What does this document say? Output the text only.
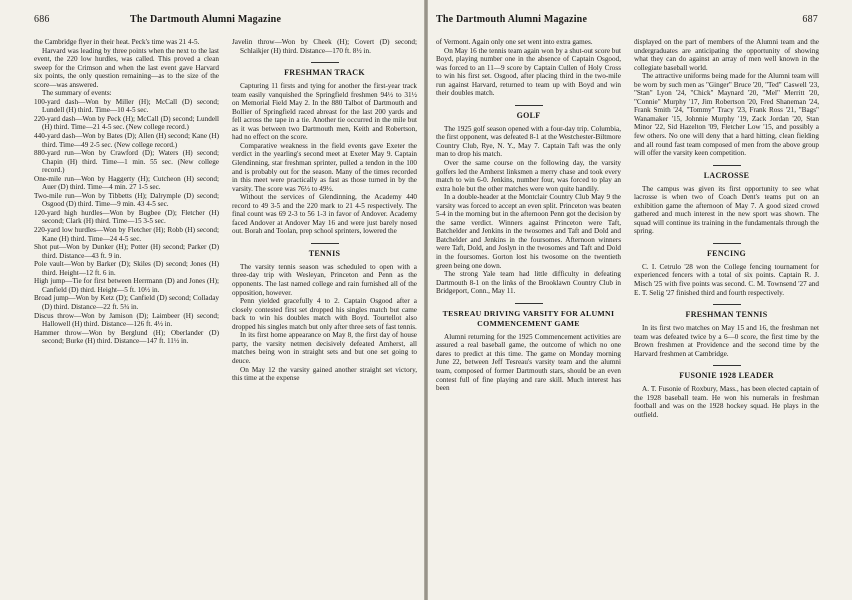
686	The Dartmouth Alumni Magazine

the Cambridge flyer in their heat. Peck's time was 21 4-5.

Harvard was leading by three points when the next to the last event, the 220 low hurdles, was called. This proved a clean sweep for the Crimson and when the last event gave Harvard six points, the only question remaining—as to the size of the score—was answered.

The summary of events:

100-yard dash—Won by Miller (H); McCall (D) second; Lundell (H) third. Time—10 4-5 sec.

220-yard dash—Won by Peck (H); McCall (D) second; Lundell (H) third. Time—21 4-5 sec. (New college record.)

440-yard dash—Won by Bates (D); Allen (H) second; Kane (H) third. Time—49 2-5 sec. (New college record.)

880-yard run—Won by Crawford (D); Waters (H) second; Chapin (H) third. Time—1 min. 55 sec. (New college record.)

One-mile run—Won by Haggerty (H); Cutcheon (H) second; Auer (D) third. Time—4 min. 27 1-5 sec.

Two-mile run—Won by Tibbetts (H); Dalrymple (D) second; Osgood (D) third. Time—9 min. 43 4-5 sec.

120-yard high hurdles—Won by Bugbee (D); Fletcher (H) second; Clark (H) third. Time—15 3-5 sec.

220-yard low hurdles—Won by Fletcher (H); Robb (H) second; Kane (H) third. Time—24 4-5 sec.

Shot put—Won by Dunker (H); Potter (H) second; Parker (D) third. Distance—43 ft. 9 in.

Pole vault—Won by Barker (D); Skiles (D) second; Jones (H) third. Height—12 ft. 6 in.

High jump—Tie for first between Herrmann (D) and Jones (H); Canfield (D) third. Height—5 ft. 10½ in.

Broad jump—Won by Ketz (D); Canfield (D) second; Colladay (D) third. Distance—22 ft. 5¾ in.

Discus throw—Won by Jamison (D); Laimbeer (H) second; Hallowell (H) third. Distance—126 ft. 4½ in.

Hammer throw—Won by Berglund (H); Oberlander (D) second; Burke (H) third. Distance—147 ft. 11½ in.

Javelin throw—Won by Cheek (H); Covert (D) second; Schlaikjer (H) third. Distance—170 ft. 8½ in.

FRESHMAN TRACK

Capturing 11 firsts and tying for another the first-year track team easily vanquished the Springfield freshmen 94½ to 31½ on Memorial Field May 2. In the 880 Talbot of Dartmouth and Bollier of Springfield raced abreast for the last 200 yards and fell across the tape in a tie. Another tie occurred in the mile but as it was between two Dartmouth men, Keith and Robertson, had no effect on the score.

Comparative weakness in the field events gave Exeter the verdict in the yearling's second meet at Exeter May 9. Captain Glendinning, star freshman sprinter, pulled a tendon in the 100 and is probably out for the season. Many of the times recorded in this meet were practically as fast as those turned in by the varsity. The score was 76½ to 49½.

Without the services of Glendinning, the Academy 440 record to 49 3-5 and the 220 mark to 21 4-5 respectively. The final count was 69 2-3 to 56 1-3 in favor of Andover. Academy faced Andover at Andover May 16 and were just barely nosed out. Borah and Toolan, prep school sprinters, lowered the

TENNIS

The varsity tennis season was scheduled to open with a three-day trip with Wesleyan, Princeton and Penn as the opponents. The last named college and rain furnished all of the opposition, however.

Penn yielded gracefully 4 to 2. Captain Osgood after a closely contested first set dropped his singles match but came back to win his doubles match with Boyd. Tourtellot also dropped his singles match but only after three sets of fast tennis.

In its first home appearance on May 8, the first day of house party, the varsity netmen decisively defeated Amherst, all matches being won in straight sets and but one set going to deuce.

On May 12 the varsity gained another straight set victory, this time at the expense

The Dartmouth Alumni Magazine	687

of Vermont. Again only one set went into extra games.

On May 16 the tennis team again won by a shut-out score but Boyd, playing number one in the absence of Captain Osgood, was forced to an 11—9 score by Captain Cullen of Holy Cross to win his first set. Osgood, after placing third in the two-mile run against Harvard, returned to team up with Boyd and win their doubles match.

GOLF

The 1925 golf season opened with a four-day trip. Columbia, the first opponent, was defeated 8-1 at the Westchester-Biltmore Country Club, Rye, N. Y., May 7. Captain Taft was the only man to drop his match.

Over the same course on the following day, the varsity golfers led the Amherst linksmen a merry chase and took every match to win 6-0. Jenkins, number four, was forced to play an extra hole but the other matches were won quite handily.

In a double-header at the Montclair Country Club May 9 the varsity was forced to accept an even split. Princeton was beaten 5-4 in the morning but in the afternoon Penn got the decision by the same verdict. Winners against Princeton were Taft, Batchelder and Jenkins in the twosomes and Taft and Dold and Batchelder and Jenkins in the foursomes. Afternoon winners were Taft, Dold, and Joslyn in the twosomes and Taft and Dold in the foursomes. Gorton lost his twosome on the twentieth green being one down.

The strong Yale team had little difficulty in defeating Dartmouth 8-1 on the links of the Brooklawn Country Club in Bridgeport, Conn., May 11.

TESREAU DRIVING VARSITY FOR ALUMNI COMMENCEMENT GAME

Alumni returning for the 1925 Commencement activities are assured a real baseball game, the outcome of which no one dares to predict at this time. The game on Monday morning June 22, between Jeff Tesreau's varsity team and the alumni team, composed of former Dartmouth stars, should be an even contest full of fine playing and rare skill. Much interest has been

displayed on the part of members of the Alumni team and the undergraduates are anticipating the opportunity of showing what they can do against an array of men well known in the collegiate baseball world.

The attractive uniforms being made for the Alumni team will be worn by such men as "Ginger" Bruce '20, "Ted" Caswell '23, "Stan" Lyon '24, "Chick" Maynard '20, "Mel" Merritt '20, "Connie" Murphy '17, Jim Robertson '20, Fred Shaneman '24, Frank Smith '24, "Tommy" Tracy '23, Frank Ross '21, "Bags" Wanamaker '15, Johnnie Murphy '19, Zack Jordan '20, Stan Minor '22, Sid Hazelton '09, Fletcher Low '15, and possibly a few others. No one will deny that a hard hitting, clean fielding and all round fast team composed of men from the above group will offer the varsity keen competition.

LACROSSE

The campus was given its first opportunity to see what lacrosse is when two of Coach Dent's teams put on an exhibition game the afternoon of May 7. A good sized crowd gathered and much interest in the new sport was shown. The squad will continue its training in the fundamentals through the spring.

FENCING

C. I. Cetrulo '28 won the College fencing tournament for experienced fencers with a total of six points. Captain R. J. Misch '25 with five points was second. C. M. Townsend '27 and E. T. Selig '27 finished third and fourth respectively.

FRESHMAN TENNIS

In its first two matches on May 15 and 16, the freshman net team was defeated twice by a 6—0 score, the first time by the Brown freshmen at Providence and the second time by the Harvard freshmen at Cambridge.

FUSONIE 1928 LEADER

A. T. Fusonie of Roxbury, Mass., has been elected captain of the 1928 baseball team. He won his numerals in freshman football and was on the 1928 hockey squad. He plays in the outfield.
